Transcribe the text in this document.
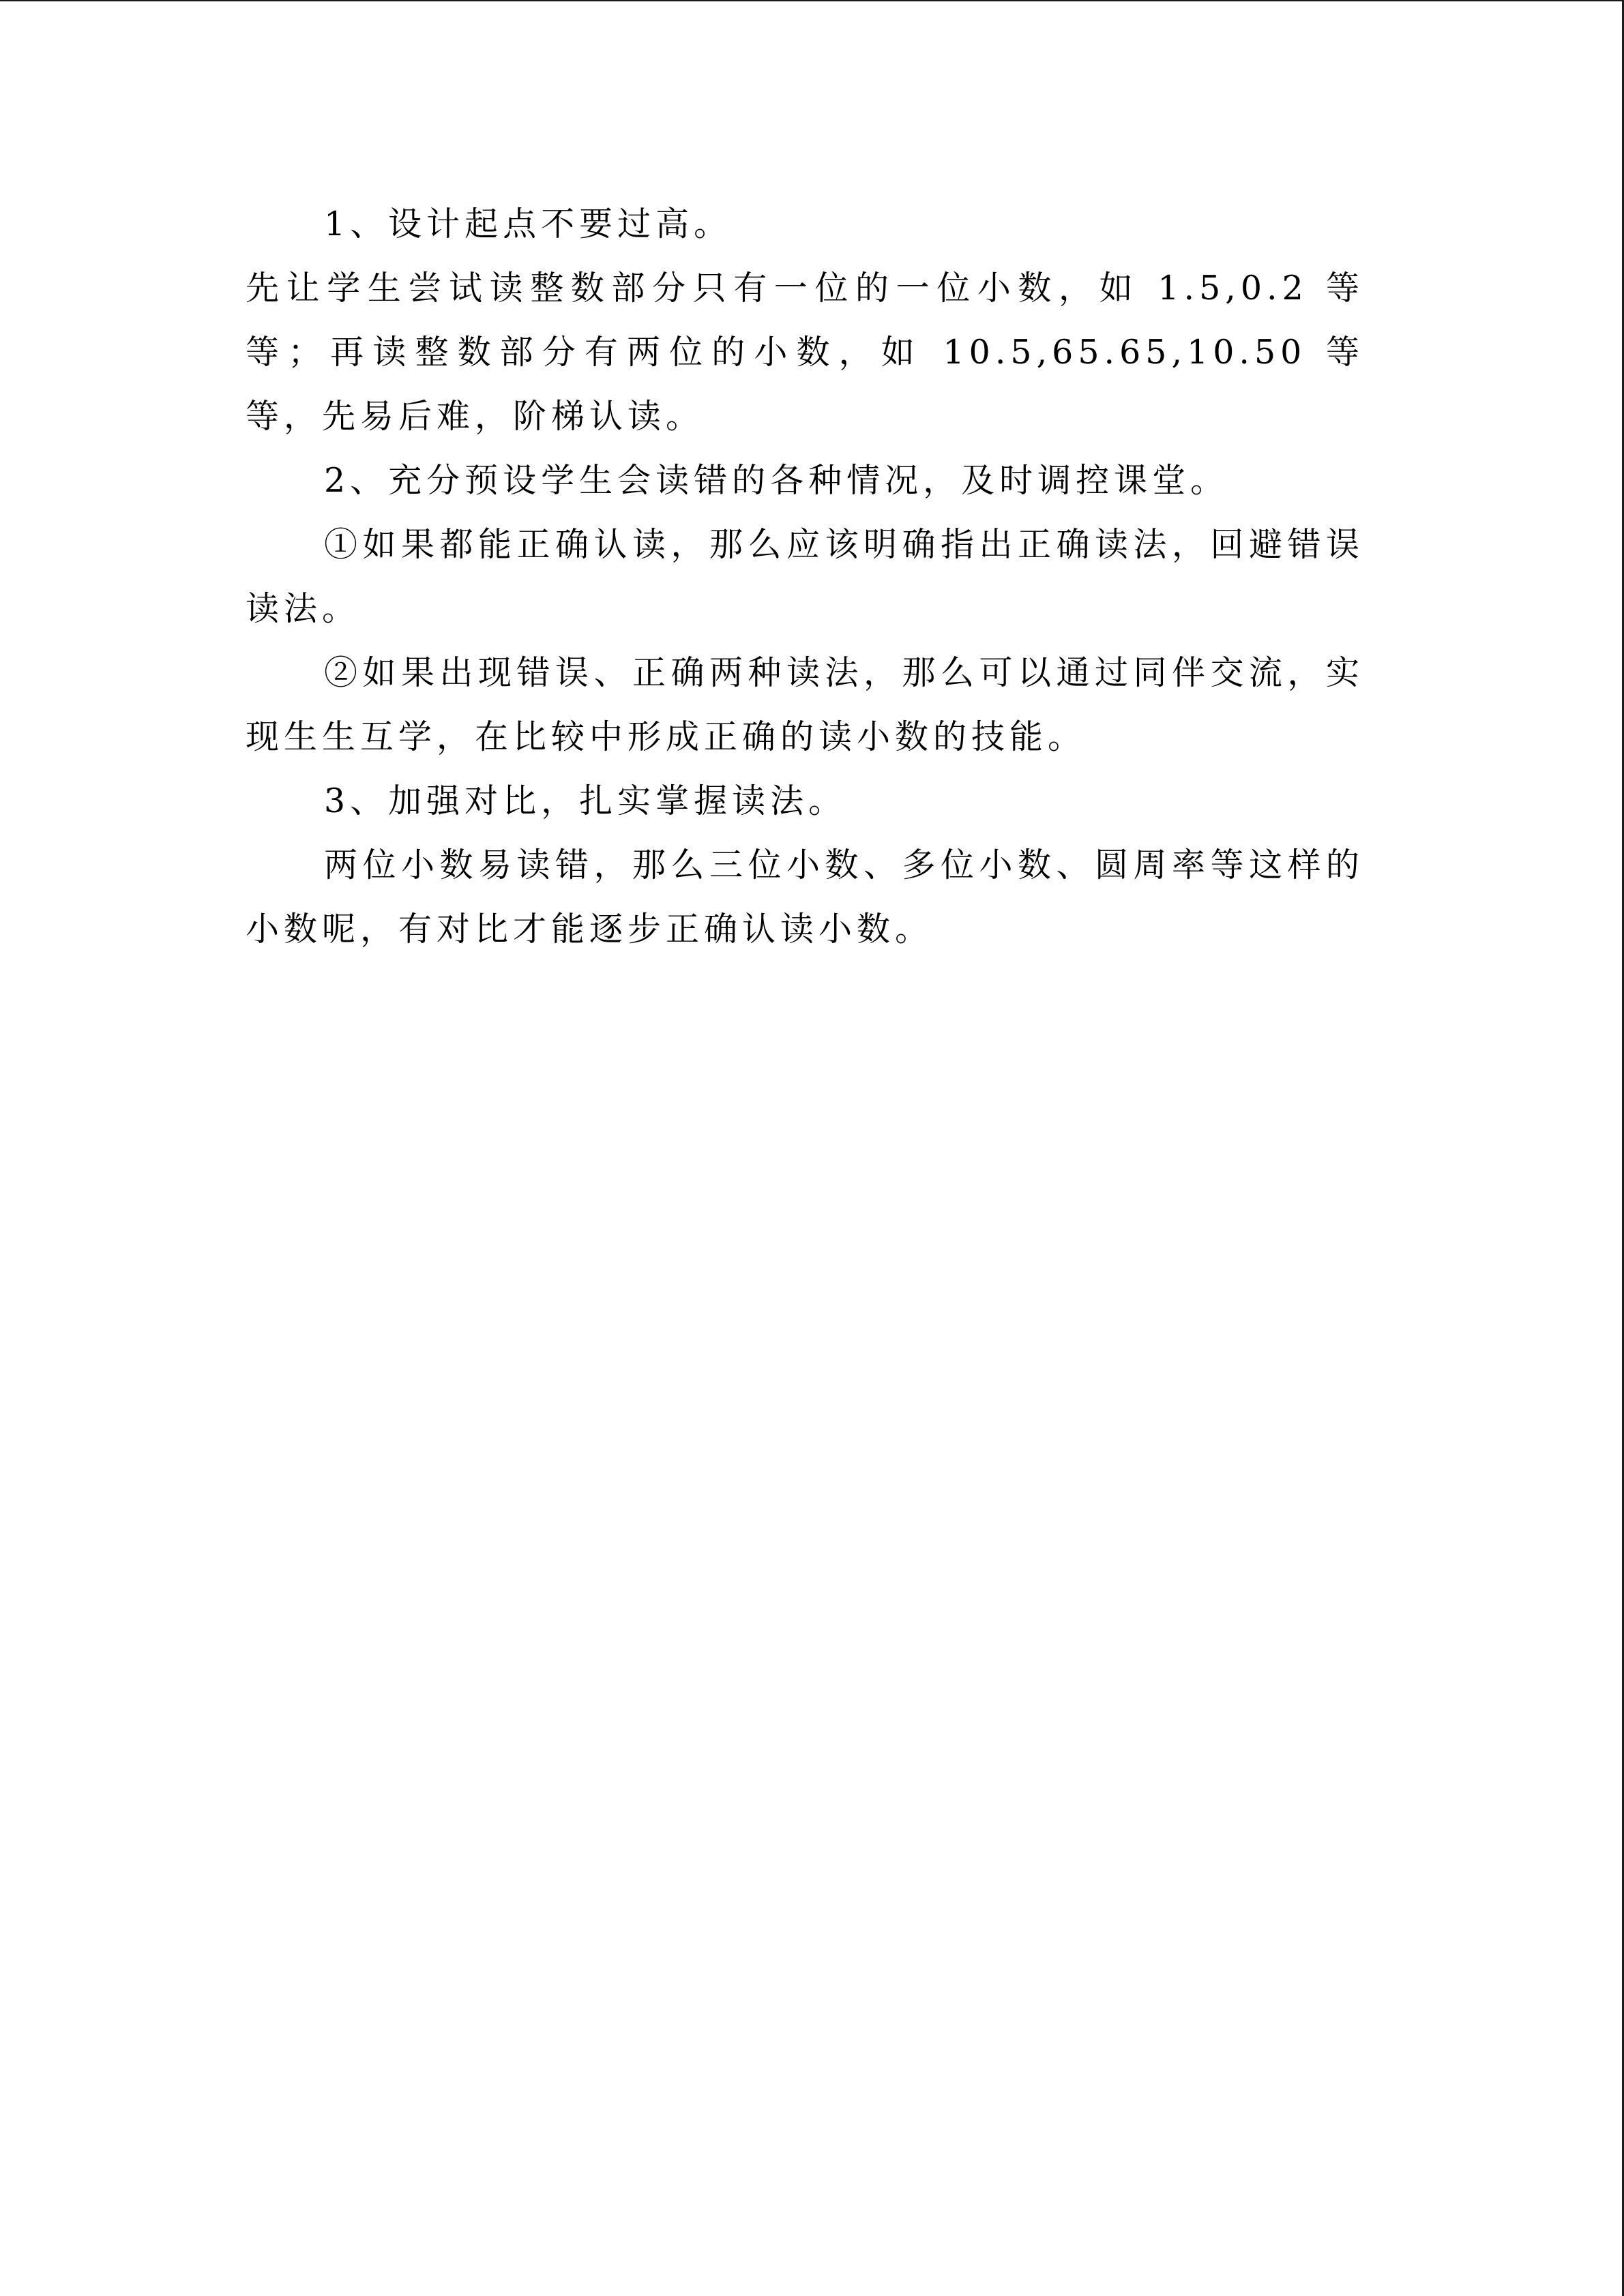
1、设计起点不要过高。

先让学生尝试读整数部分只有一位的一位小数，如 1.5,0.2 等等；再读整数部分有两位的小数，如 10.5,65.65,10.50 等等，先易后难，阶梯认读。

2、充分预设学生会读错的各种情况，及时调控课堂。

①如果都能正确认读，那么应该明确指出正确读法，回避错误读法。

②如果出现错误、正确两种读法，那么可以通过同伴交流，实现生生互学，在比较中形成正确的读小数的技能。

3、加强对比，扎实掌握读法。

两位小数易读错，那么三位小数、多位小数、圆周率等这样的小数呢，有对比才能逐步正确认读小数。
